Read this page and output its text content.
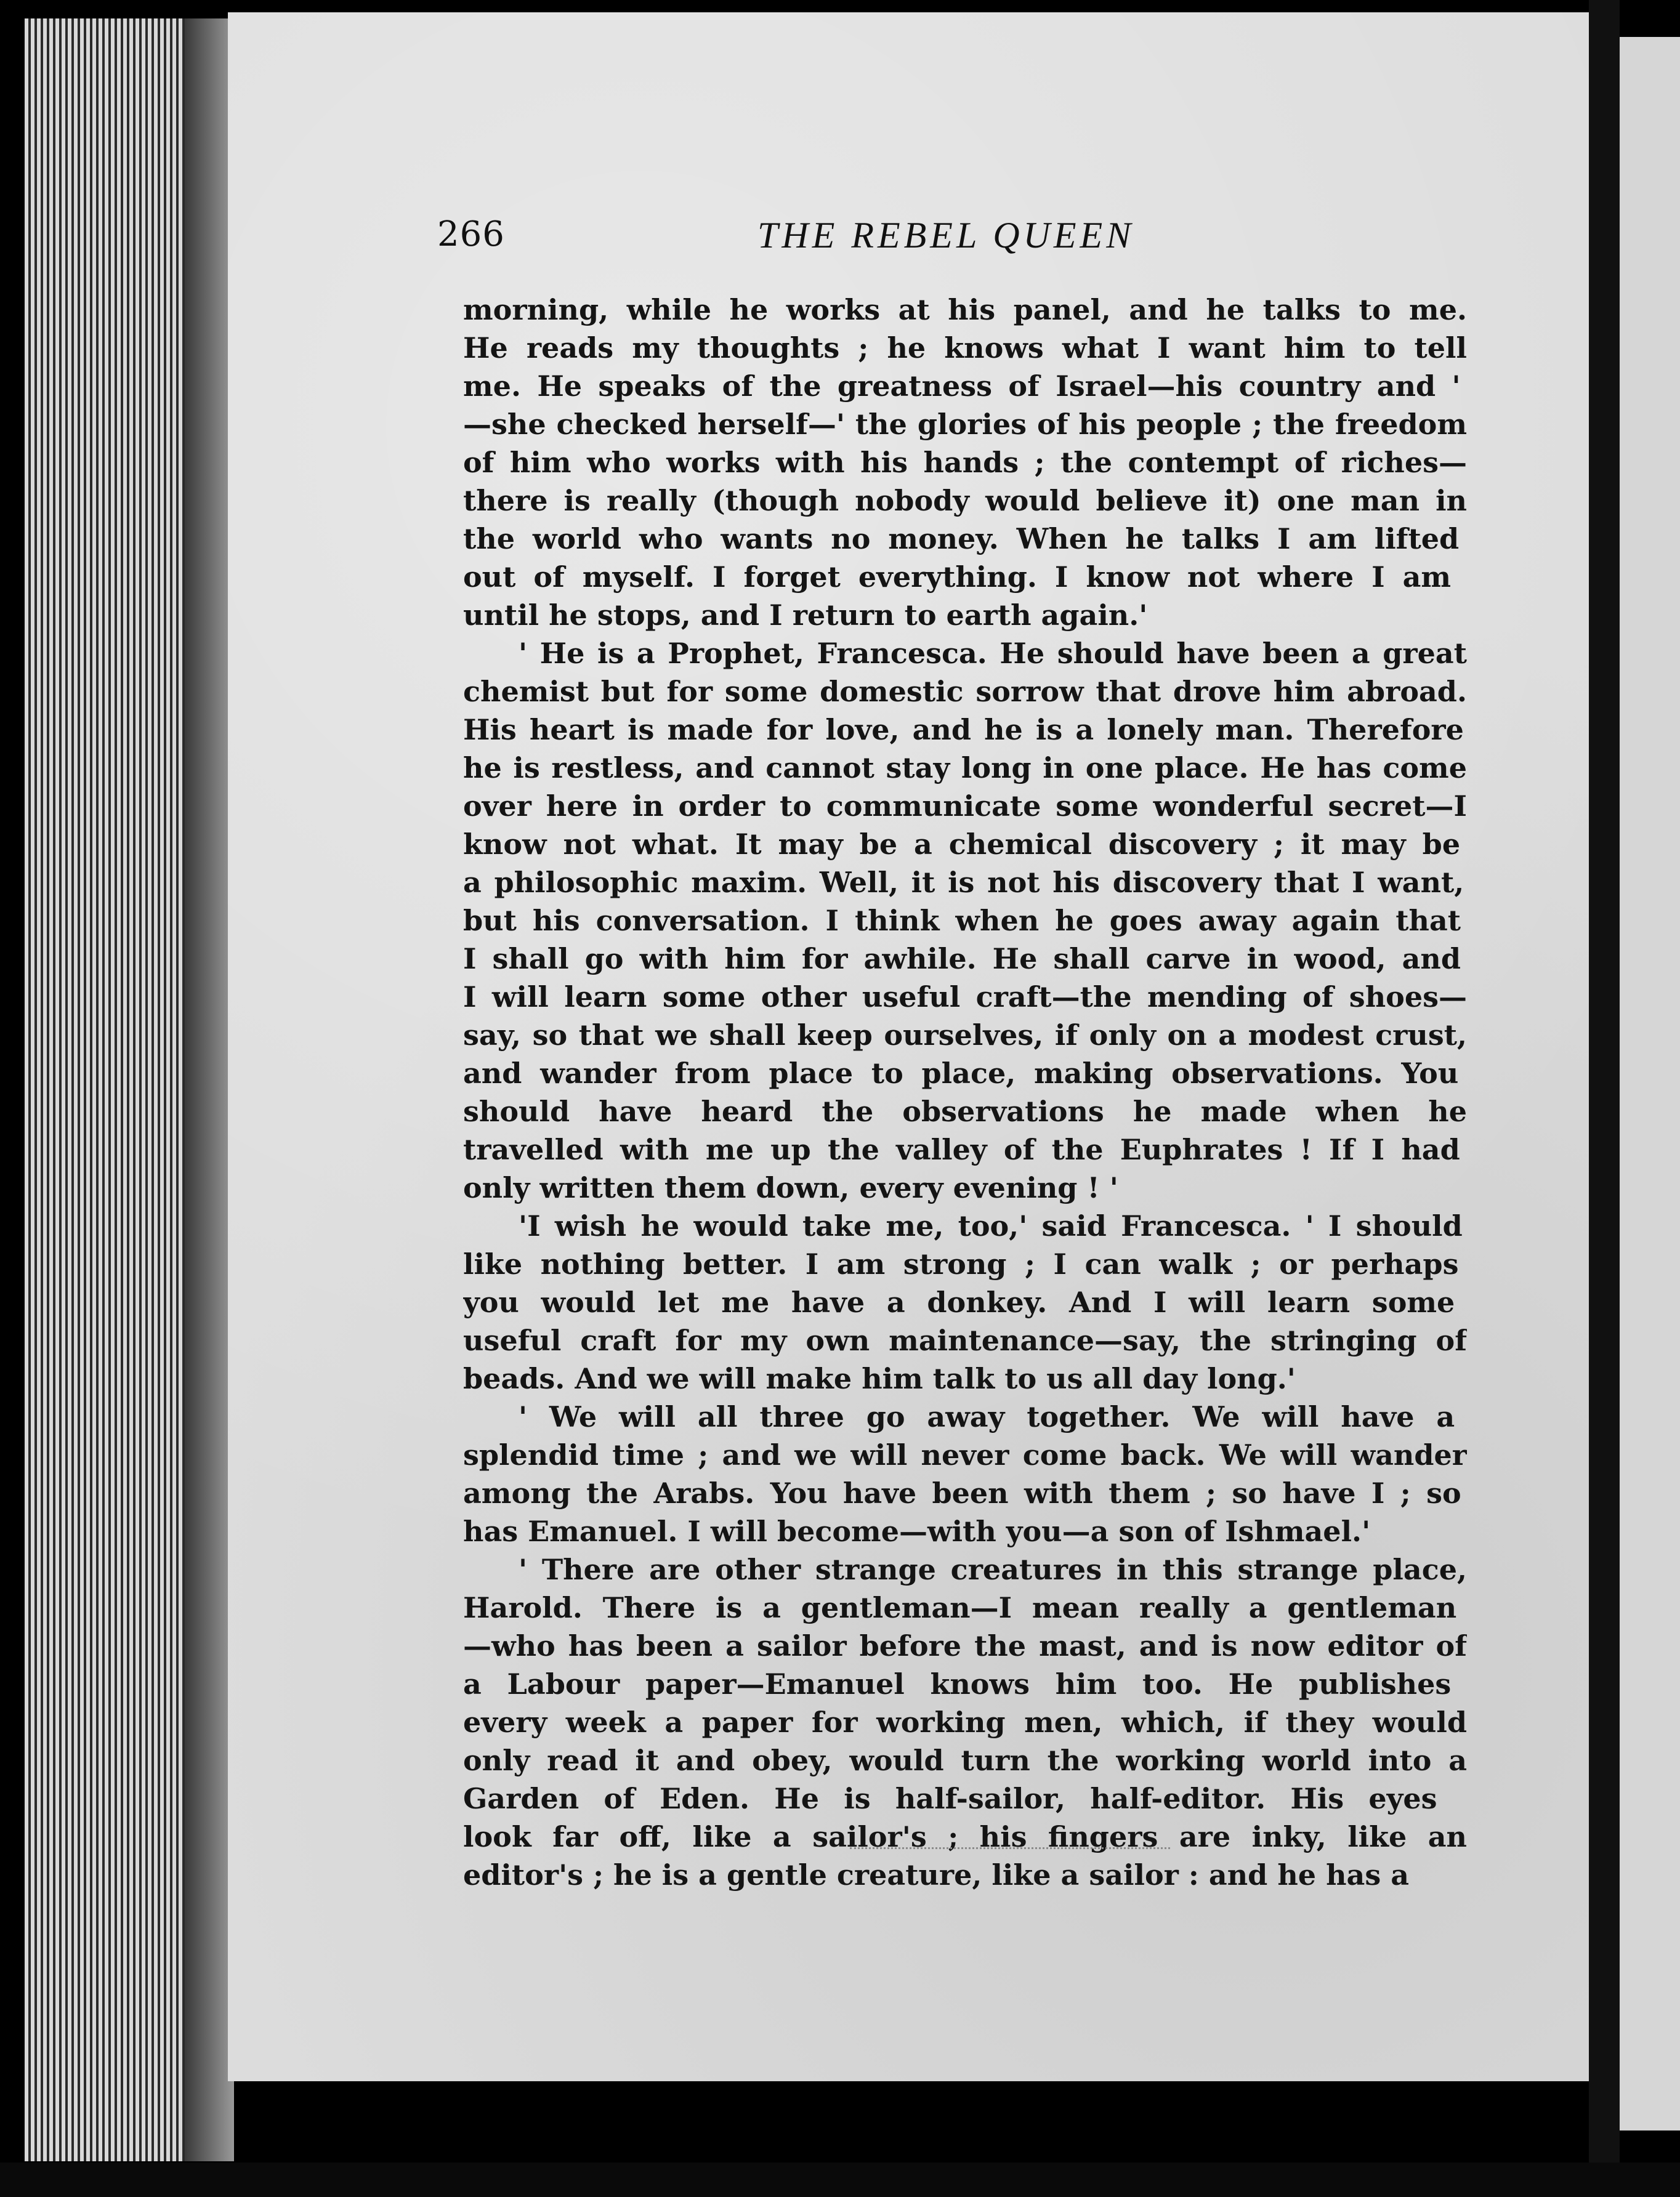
266	THE REBEL QUEEN
morning, while he works at his panel, and he talks to me.
He reads my thoughts ; he knows what I want him to tell
me. He speaks of the greatness of Israel—his country and '
—she checked herself—' the glories of his people ; the freedom
of him who works with his hands ; the contempt of riches—
there is really (though nobody would believe it) one man in
the world who wants no money. When he talks I am lifted
out of myself. I forget everything. I know not where I am
until he stops, and I return to earth again.'
' He is a Prophet, Francesca. He should have been a great
chemist but for some domestic sorrow that drove him abroad.
His heart is made for love, and he is a lonely man. Therefore
he is restless, and cannot stay long in one place. He has come
over here in order to communicate some wonderful secret—I
know not what. It may be a chemical discovery ; it may be
a philosophic maxim. Well, it is not his discovery that I want,
but his conversation. I think when he goes away again that
I shall go with him for awhile. He shall carve in wood, and
I will learn some other useful craft—the mending of shoes—
say, so that we shall keep ourselves, if only on a modest crust,
and wander from place to place, making observations. You
should have heard the observations he made when he
travelled with me up the valley of the Euphrates ! If I had
only written them down, every evening ! '
'I wish he would take me, too,' said Francesca. ' I should
like nothing better. I am strong ; I can walk ; or perhaps
you would let me have a donkey. And I will learn some
useful craft for my own maintenance—say, the stringing of
beads. And we will make him talk to us all day long.'
' We will all three go away together. We will have a
splendid time ; and we will never come back. We will wander
among the Arabs. You have been with them ; so have I ; so
has Emanuel. I will become—with you—a son of Ishmael.'
' There are other strange creatures in this strange place,
Harold. There is a gentleman—I mean really a gentleman
—who has been a sailor before the mast, and is now editor of
a Labour paper—Emanuel knows him too. He publishes
every week a paper for working men, which, if they would
only read it and obey, would turn the working world into a
Garden of Eden. He is half-sailor, half-editor. His eyes
look far off, like a sailor's ; his fingers are inky, like an
editor's ; he is a gentle creature, like a sailor : and he has a
